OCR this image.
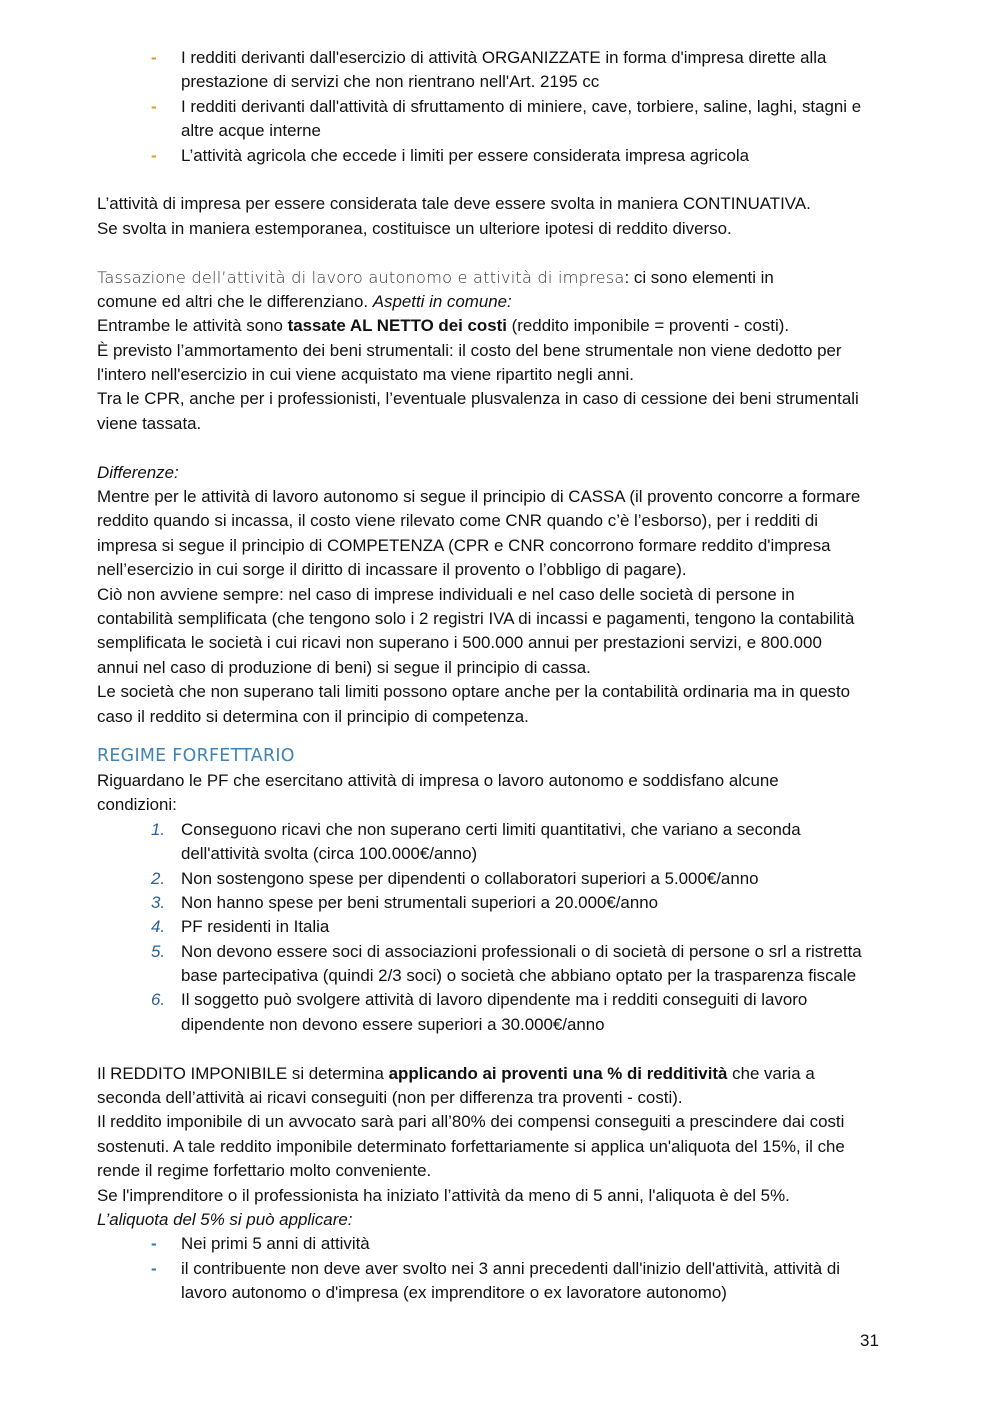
-	I redditi derivanti dall'esercizio di attività ORGANIZZATE in forma d'impresa dirette alla
prestazione di servizi che non rientrano nell'Art. 2195 cc
-	I redditi derivanti dall'attività di sfruttamento di miniere, cave, torbiere, saline, laghi, stagni e
altre acque interne
-	L’attività agricola che eccede i limiti per essere considerata impresa agricola
L’attività di impresa per essere considerata tale deve essere svolta in maniera CONTINUATIVA.
Se svolta in maniera estemporanea, costituisce un ulteriore ipotesi di reddito diverso.
Tassazione dell’attività di lavoro autonomo e attività di impresa: ci sono elementi in
comune ed altri che le differenziano. Aspetti in comune:
Entrambe le attività sono tassate AL NETTO dei costi (reddito imponibile = proventi - costi).
È previsto l’ammortamento dei beni strumentali: il costo del bene strumentale non viene dedotto per
l'intero nell'esercizio in cui viene acquistato ma viene ripartito negli anni.
Tra le CPR, anche per i professionisti, l’eventuale plusvalenza in caso di cessione dei beni strumentali
viene tassata.
Differenze:
Mentre per le attività di lavoro autonomo si segue il principio di CASSA (il provento concorre a formare
reddito quando si incassa, il costo viene rilevato come CNR quando c’è l’esborso), per i redditi di
impresa si segue il principio di COMPETENZA (CPR e CNR concorrono formare reddito d'impresa
nell’esercizio in cui sorge il diritto di incassare il provento o l’obbligo di pagare).
Ciò non avviene sempre: nel caso di imprese individuali e nel caso delle società di persone in
contabilità semplificata (che tengono solo i 2 registri IVA di incassi e pagamenti, tengono la contabilità
semplificata le società i cui ricavi non superano i 500.000 annui per prestazioni servizi, e 800.000
annui nel caso di produzione di beni) si segue il principio di cassa.
Le società che non superano tali limiti possono optare anche per la contabilità ordinaria ma in questo
caso il reddito si determina con il principio di competenza.
REGIME FORFETTARIO
Riguardano le PF che esercitano attività di impresa o lavoro autonomo e soddisfano alcune
condizioni:
1. Conseguono ricavi che non superano certi limiti quantitativi, che variano a seconda
dell'attività svolta (circa 100.000€/anno)
2. Non sostengono spese per dipendenti o collaboratori superiori a 5.000€/anno
3. Non hanno spese per beni strumentali superiori a 20.000€/anno
4. PF residenti in Italia
5. Non devono essere soci di associazioni professionali o di società di persone o srl a ristretta
base partecipativa (quindi 2/3 soci) o società che abbiano optato per la trasparenza fiscale
6. Il soggetto può svolgere attività di lavoro dipendente ma i redditi conseguiti di lavoro
dipendente non devono essere superiori a 30.000€/anno
Il REDDITO IMPONIBILE si determina applicando ai proventi una % di redditività che varia a
seconda dell’attività ai ricavi conseguiti (non per differenza tra proventi - costi).
Il reddito imponibile di un avvocato sarà pari all’80% dei compensi conseguiti a prescindere dai costi
sostenuti. A tale reddito imponibile determinato forfettariamente si applica un'aliquota del 15%, il che
rende il regime forfettario molto conveniente.
Se l'imprenditore o il professionista ha iniziato l’attività da meno di 5 anni, l'aliquota è del 5%.
L’aliquota del 5% si può applicare:
-	Nei primi 5 anni di attività
-	il contribuente non deve aver svolto nei 3 anni precedenti dall'inizio dell'attività, attività di
lavoro autonomo o d'impresa (ex imprenditore o ex lavoratore autonomo)
31
